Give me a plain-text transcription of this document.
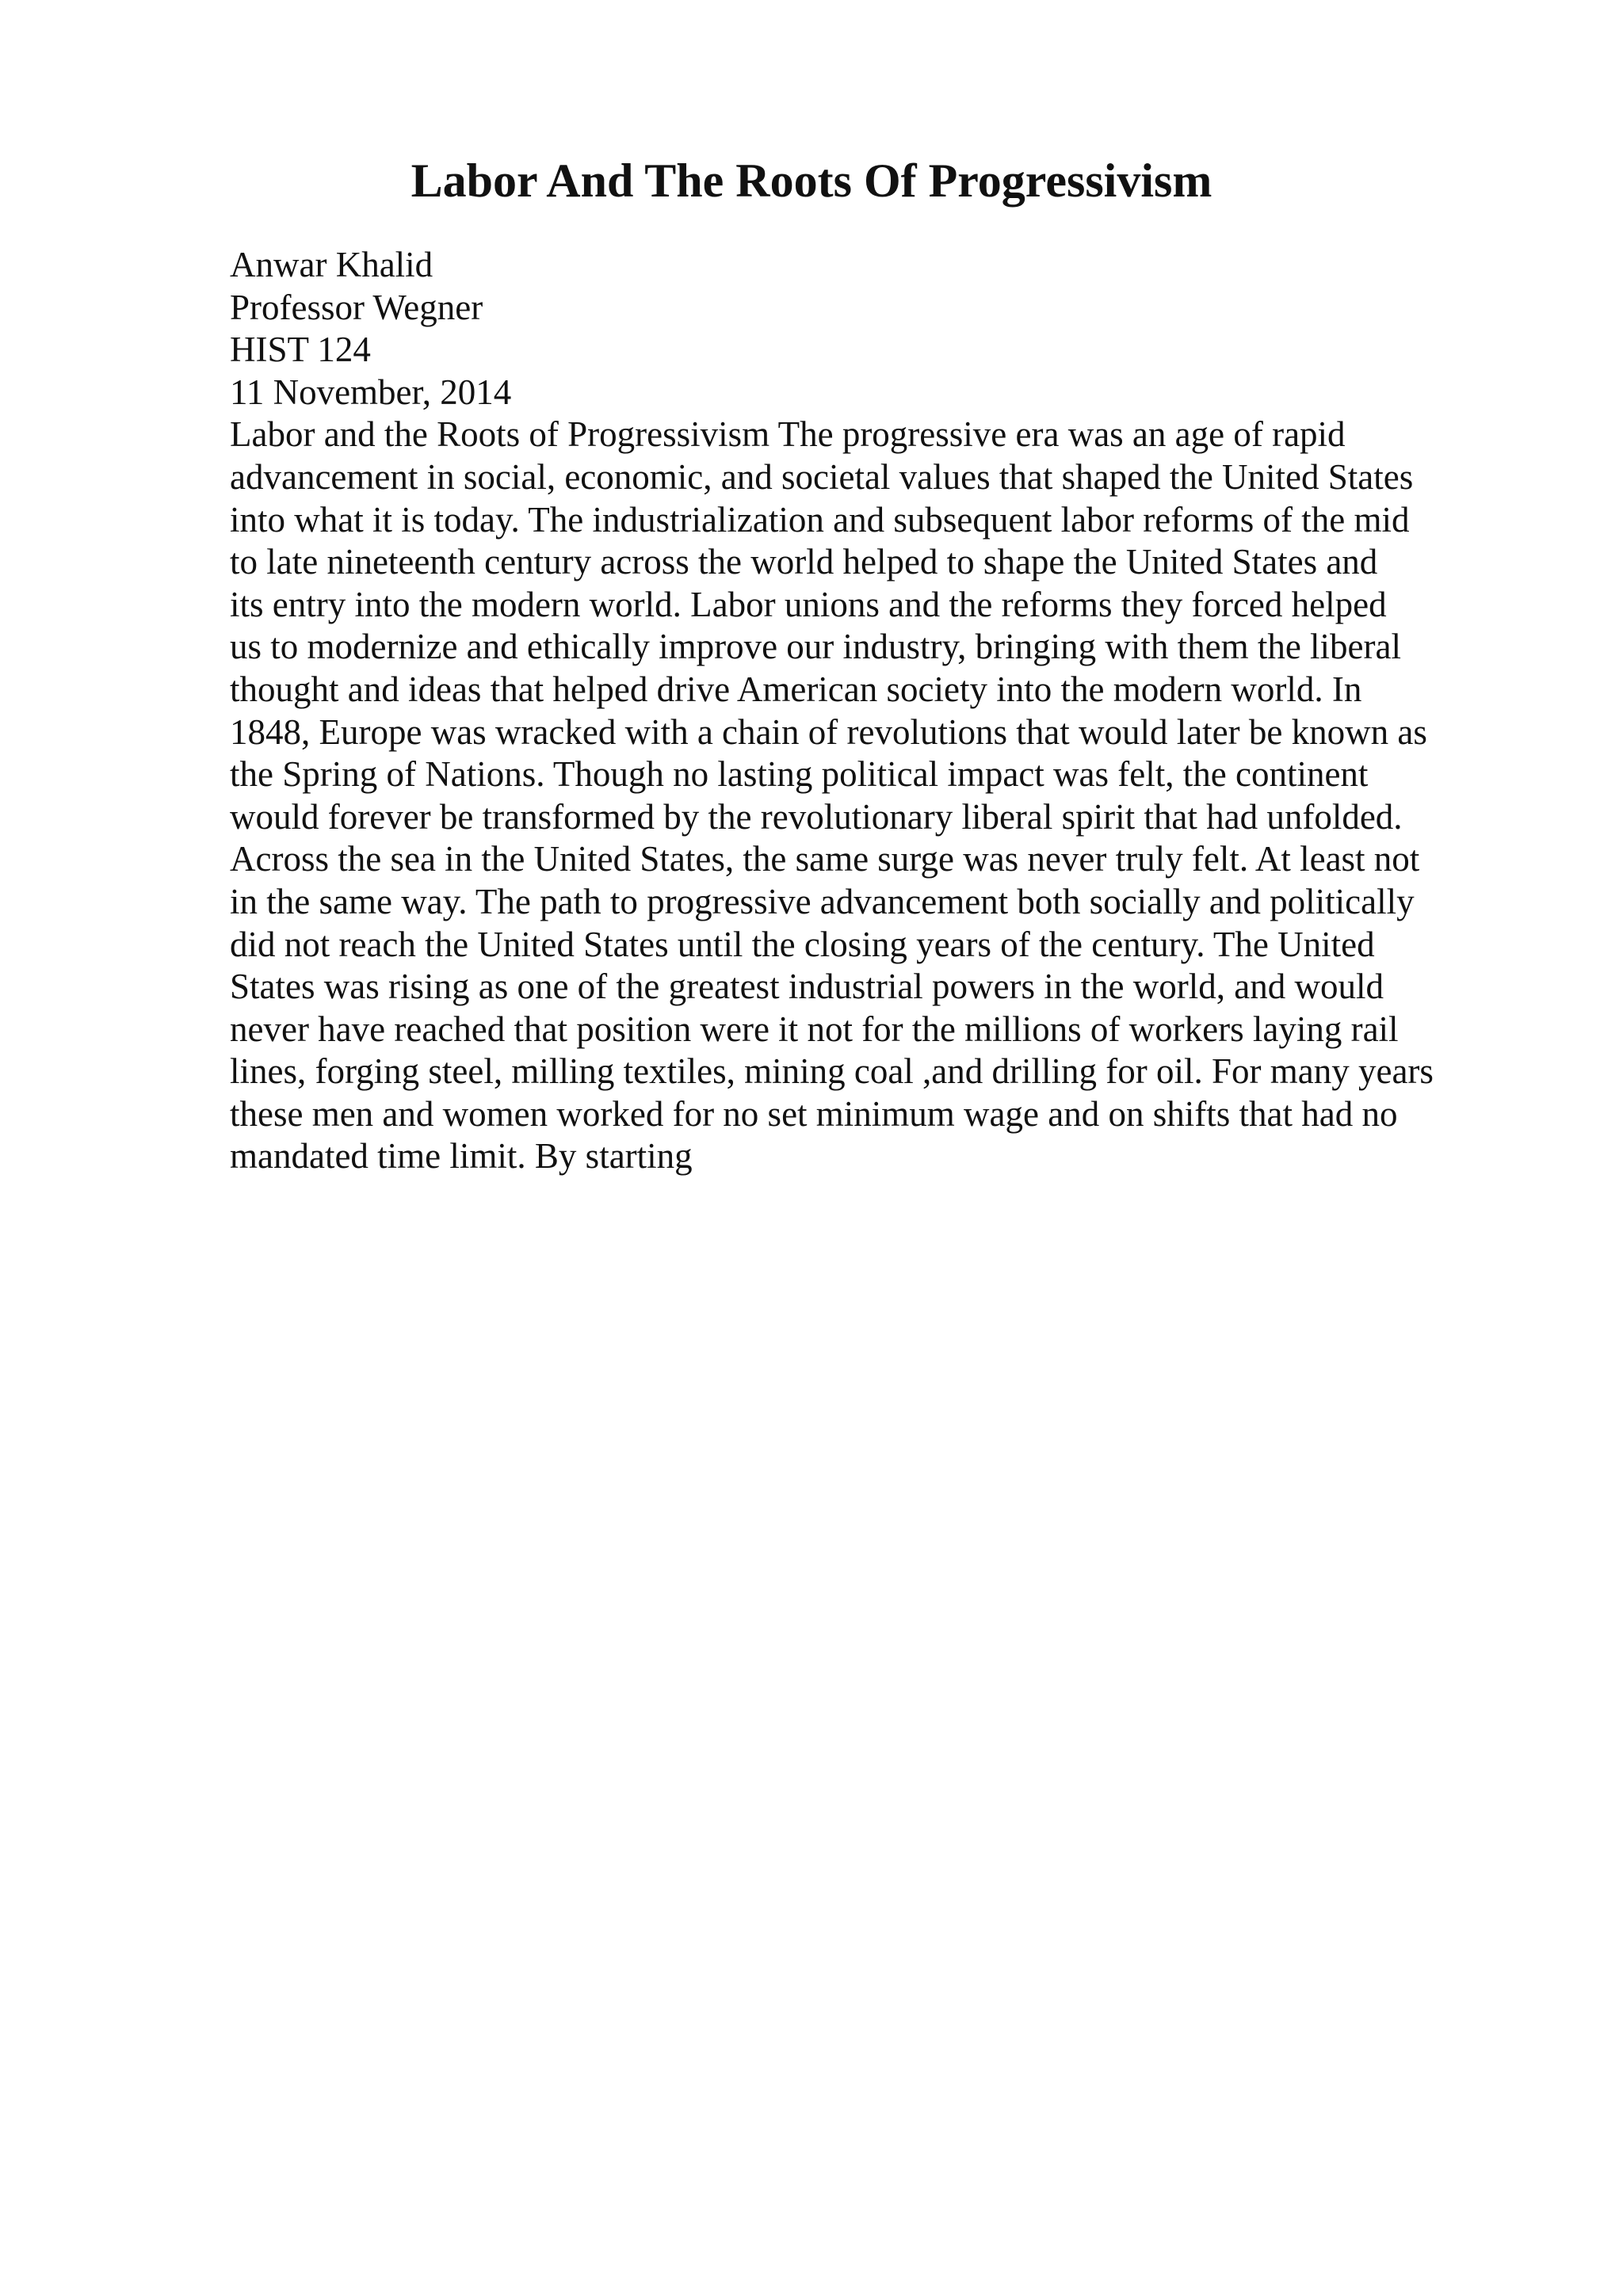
Labor And The Roots Of Progressivism
Anwar Khalid
Professor Wegner
HIST 124
11 November, 2014
Labor and the Roots of Progressivism The progressive era was an age of rapid
advancement in social, economic, and societal values that shaped the United States
into what it is today. The industrialization and subsequent labor reforms of the mid
to late nineteenth century across the world helped to shape the United States and
its entry into the modern world. Labor unions and the reforms they forced helped
us to modernize and ethically improve our industry, bringing with them the liberal
thought and ideas that helped drive American society into the modern world. In
1848, Europe was wracked with a chain of revolutions that would later be known as
the Spring of Nations. Though no lasting political impact was felt, the continent
would forever be transformed by the revolutionary liberal spirit that had unfolded.
Across the sea in the United States, the same surge was never truly felt. At least not
in the same way. The path to progressive advancement both socially and politically
did not reach the United States until the closing years of the century. The United
States was rising as one of the greatest industrial powers in the world, and would
never have reached that position were it not for the millions of workers laying rail
lines, forging steel, milling textiles, mining coal ,and drilling for oil. For many years
these men and women worked for no set minimum wage and on shifts that had no
mandated time limit. By starting
